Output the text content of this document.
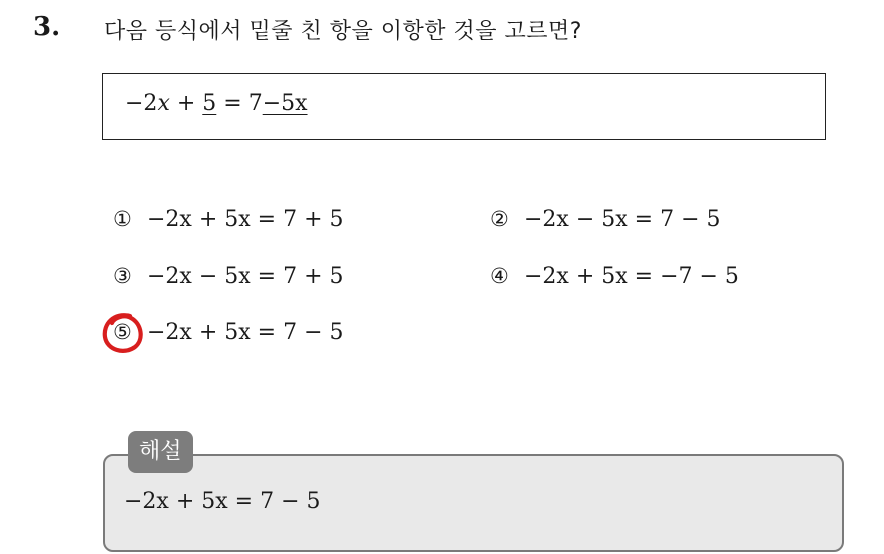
3. 다음 등식에서 밑줄 친 항을 이항한 것을 고르면?
−2x + 5 = 7−5x
① −2x + 5x = 7 + 5	② −2x − 5x = 7 − 5
③ −2x − 5x = 7 + 5	④ −2x + 5x = −7 − 5
⑤ −2x + 5x = 7 − 5
해설
−2x + 5x = 7 − 5
